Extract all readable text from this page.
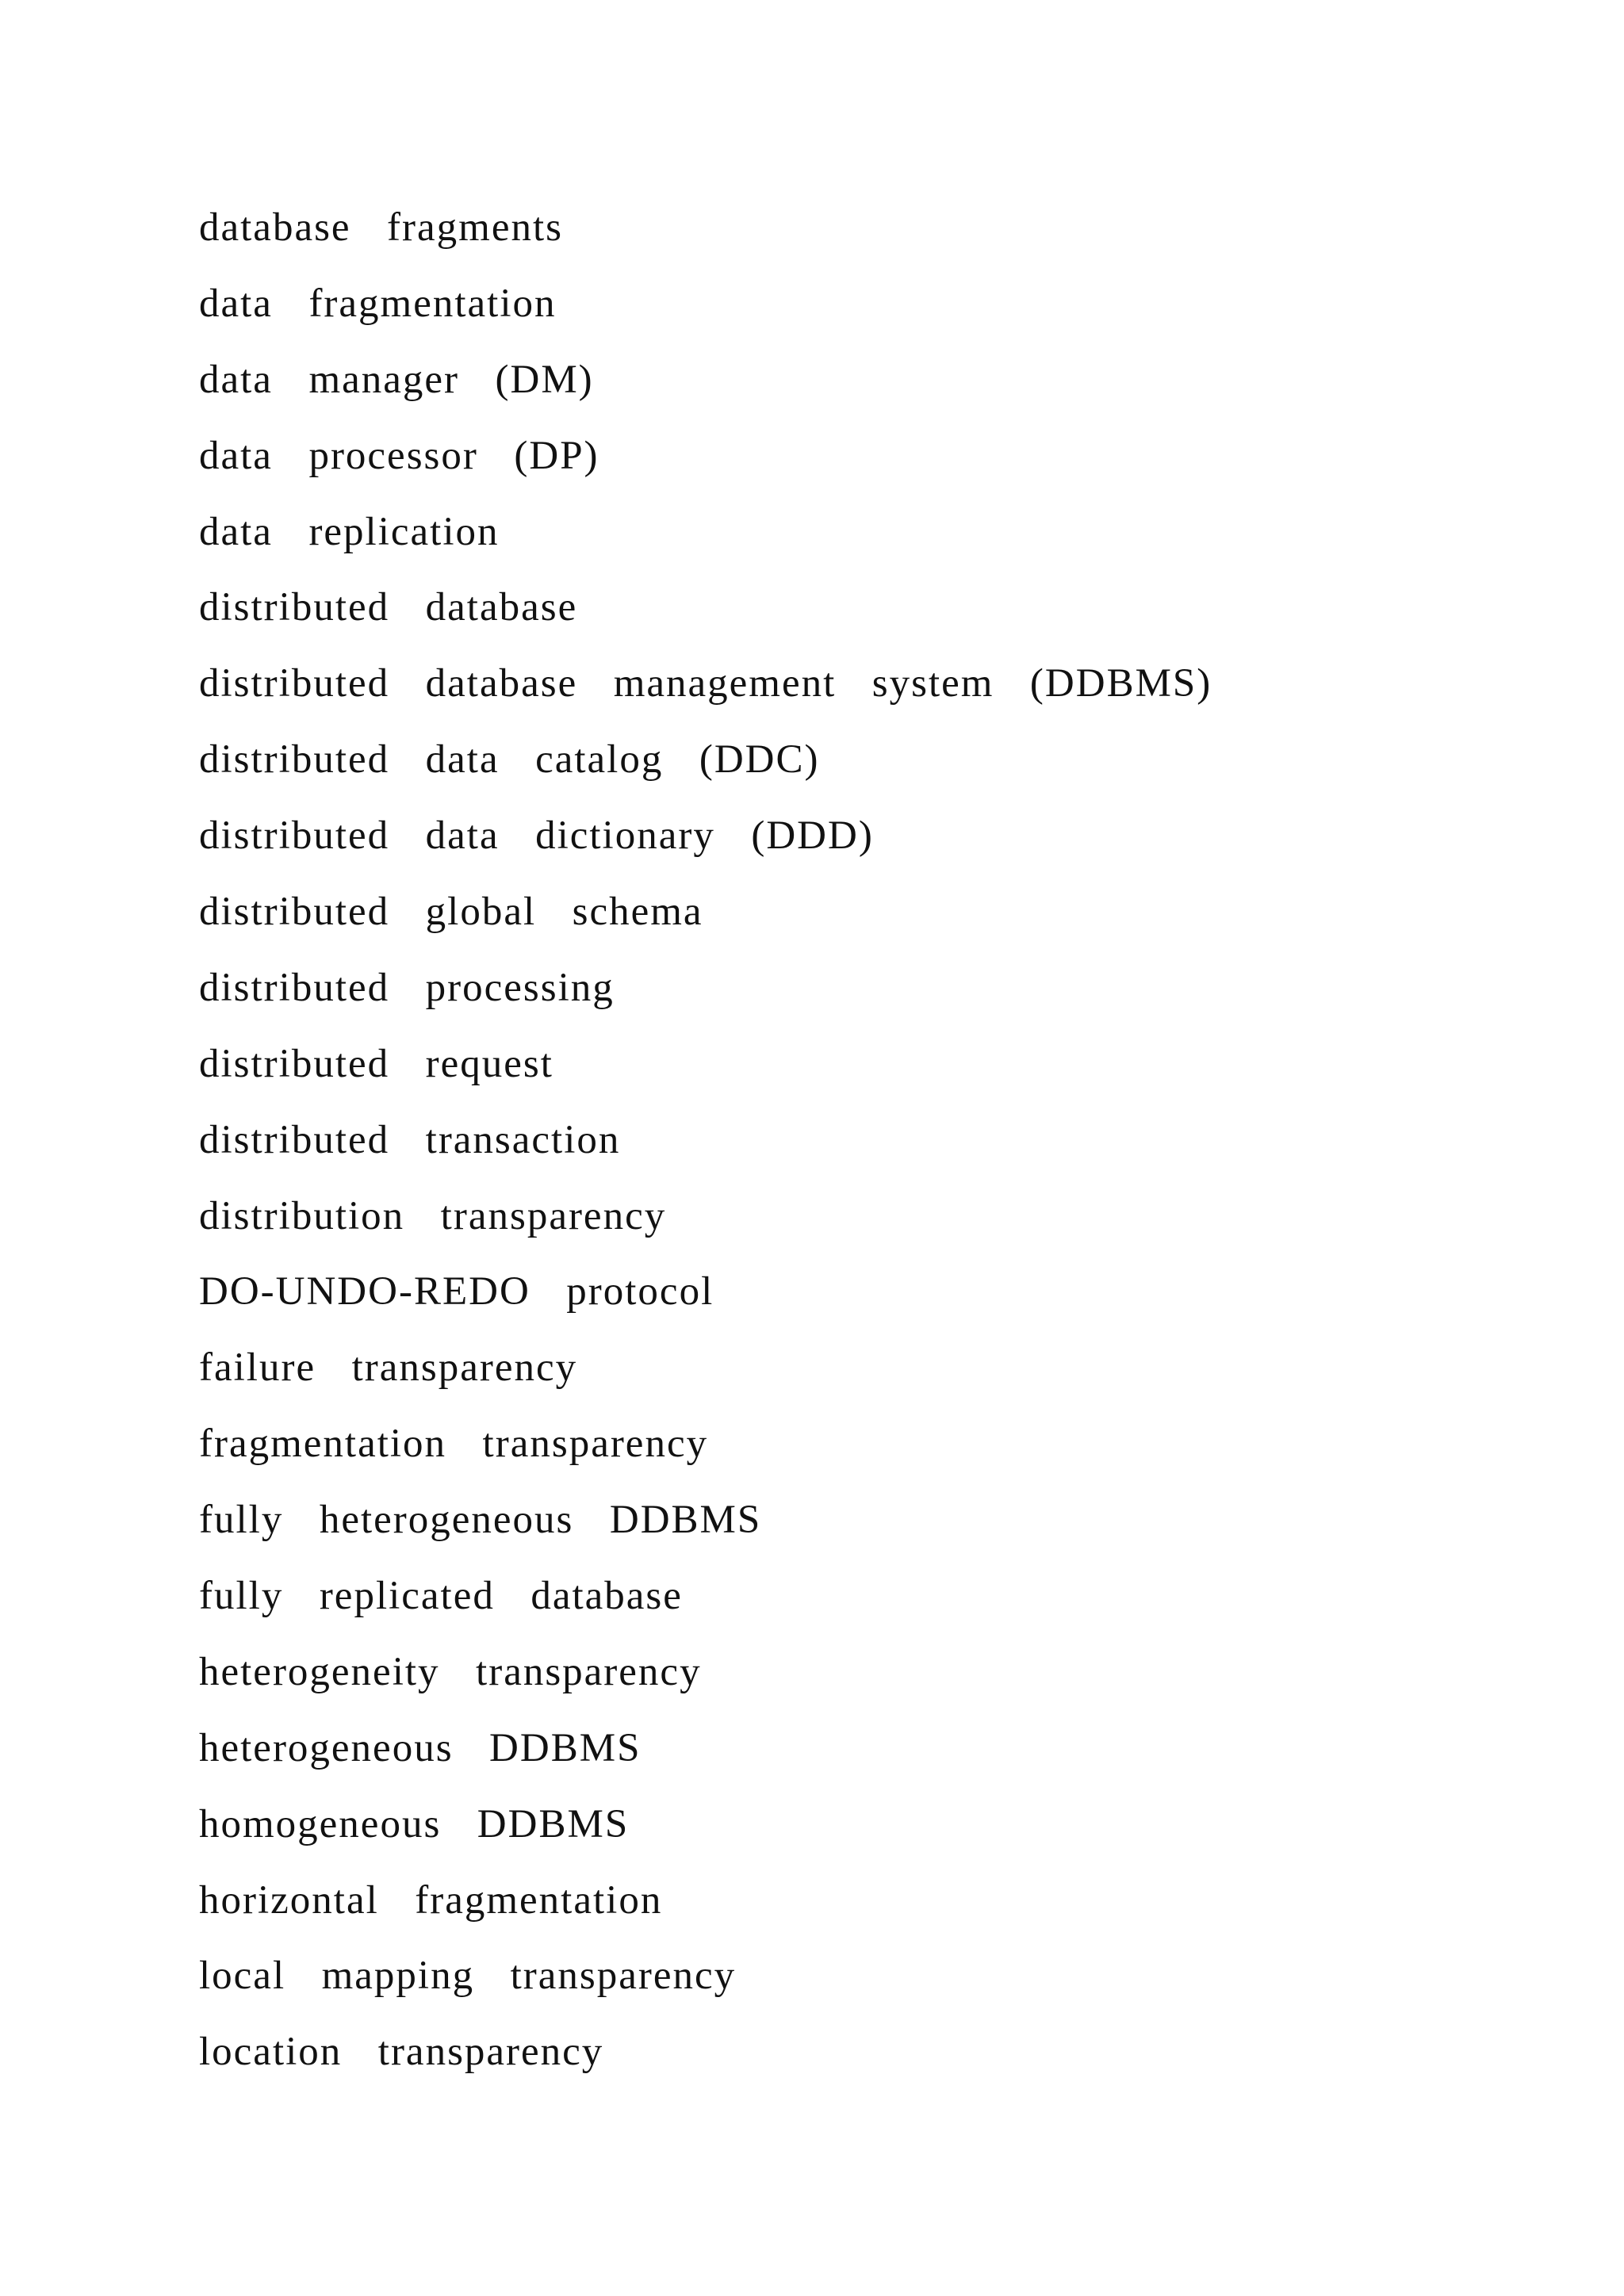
database  fragments
data  fragmentation
data  manager  (DM)
data  processor  (DP)
data  replication
distributed  database
distributed  database  management  system  (DDBMS)
distributed  data  catalog  (DDC)
distributed  data  dictionary  (DDD)
distributed  global  schema
distributed  processing
distributed  request
distributed  transaction
distribution  transparency
DO-UNDO-REDO  protocol
failure  transparency
fragmentation  transparency
fully  heterogeneous  DDBMS
fully  replicated  database
heterogeneity  transparency
heterogeneous  DDBMS
homogeneous  DDBMS
horizontal  fragmentation
local  mapping  transparency
location  transparency
